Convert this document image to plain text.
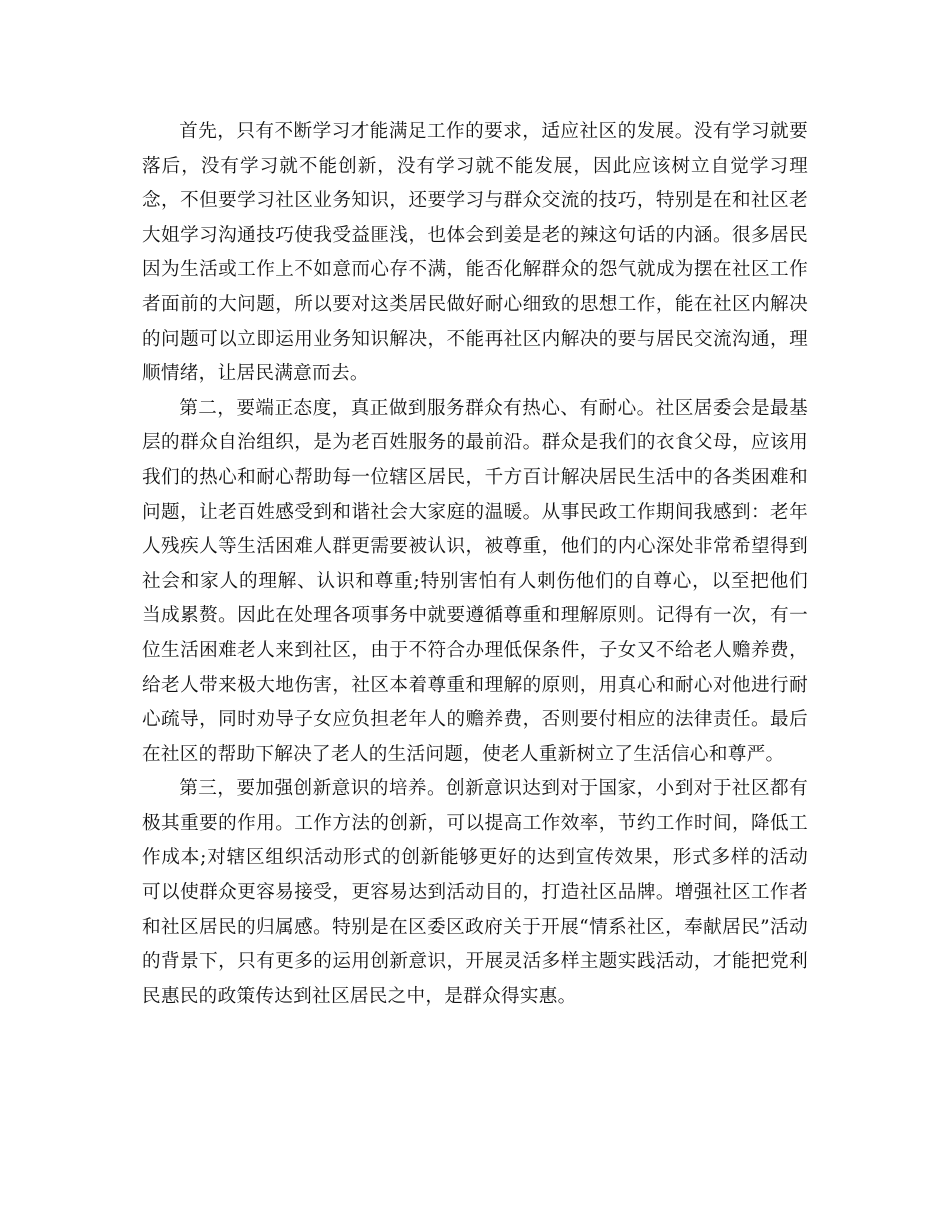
首先，只有不断学习才能满足工作的要求，适应社区的发展。没有学习就要落后，没有学习就不能创新，没有学习就不能发展，因此应该树立自觉学习理念，不但要学习社区业务知识，还要学习与群众交流的技巧，特别是在和社区老大姐学习沟通技巧使我受益匪浅，也体会到姜是老的辣这句话的内涵。很多居民因为生活或工作上不如意而心存不满，能否化解群众的怨气就成为摆在社区工作者面前的大问题，所以要对这类居民做好耐心细致的思想工作，能在社区内解决的问题可以立即运用业务知识解决，不能再社区内解决的要与居民交流沟通，理顺情绪，让居民满意而去。

第二，要端正态度，真正做到服务群众有热心、有耐心。社区居委会是最基层的群众自治组织，是为老百姓服务的最前沿。群众是我们的衣食父母，应该用我们的热心和耐心帮助每一位辖区居民，千方百计解决居民生活中的各类困难和问题，让老百姓感受到和谐社会大家庭的温暖。从事民政工作期间我感到：老年人残疾人等生活困难人群更需要被认识，被尊重，他们的内心深处非常希望得到社会和家人的理解、认识和尊重;特别害怕有人刺伤他们的自尊心，以至把他们当成累赘。因此在处理各项事务中就要遵循尊重和理解原则。记得有一次，有一位生活困难老人来到社区，由于不符合办理低保条件，子女又不给老人赡养费，给老人带来极大地伤害，社区本着尊重和理解的原则，用真心和耐心对他进行耐心疏导，同时劝导子女应负担老年人的赡养费，否则要付相应的法律责任。最后在社区的帮助下解决了老人的生活问题，使老人重新树立了生活信心和尊严。

第三，要加强创新意识的培养。创新意识达到对于国家，小到对于社区都有极其重要的作用。工作方法的创新，可以提高工作效率，节约工作时间，降低工作成本;对辖区组织活动形式的创新能够更好的达到宣传效果，形式多样的活动可以使群众更容易接受，更容易达到活动目的，打造社区品牌。增强社区工作者和社区居民的归属感。特别是在区委区政府关于开展“情系社区，奉献居民”活动的背景下，只有更多的运用创新意识，开展灵活多样主题实践活动，才能把党利民惠民的政策传达到社区居民之中，是群众得实惠。
